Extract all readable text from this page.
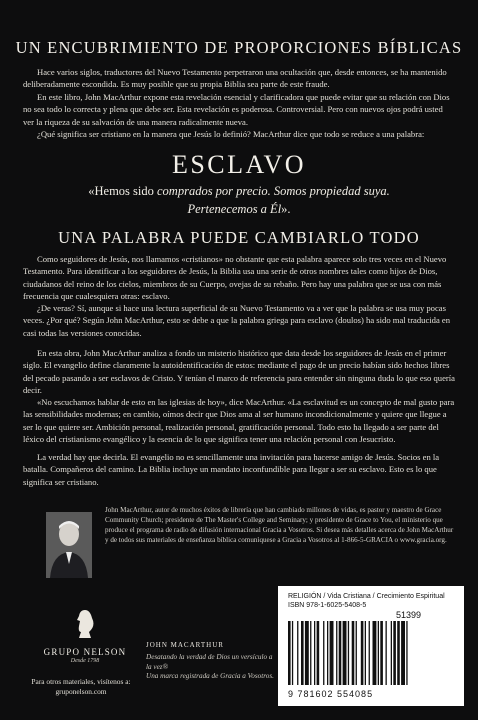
UN ENCUBRIMIENTO DE PROPORCIONES BÍBLICAS

Hace varios siglos, traductores del Nuevo Testamento perpetraron una ocultación que, desde entonces, se ha mantenido deliberadamente escondida. Es muy posible que su propia Biblia sea parte de este fraude.

En este libro, John MacArthur expone esta revelación esencial y clarificadora que puede evitar que su relación con Dios no sea todo lo correcta y plena que debe ser. Esta revelación es poderosa. Controversial. Pero con nuevos ojos podrá usted ver la riqueza de su salvación de una manera radicalmente nueva.

¿Qué significa ser cristiano en la manera que Jesús lo definió? MacArthur dice que todo se reduce a una palabra:

ESCLAVO
«Hemos sido comprados por precio. Somos propiedad suya.
Pertenecemos a Él».
UNA PALABRA PUEDE CAMBIARLO TODO

Como seguidores de Jesús, nos llamamos «cristianos» no obstante que esta palabra aparece solo tres veces en el Nuevo Testamento. Para identificar a los seguidores de Jesús, la Biblia usa una serie de otros nombres tales como hijos de Dios, ciudadanos del reino de los cielos, miembros de su Cuerpo, ovejas de su rebaño. Pero hay una palabra que se usa con más frecuencia que cualesquiera otras: esclavo.

¿De veras? Sí, aunque si hace una lectura superficial de su Nuevo Testamento va a ver que la palabra se usa muy pocas veces. ¿Por qué? Según John MacArthur, esto se debe a que la palabra griega para esclavo (doulos) ha sido mal traducida en casi todas las versiones conocidas.

En esta obra, John MacArthur analiza a fondo un misterio histórico que data desde los seguidores de Jesús en el primer siglo. El evangelio define claramente la autoidentificación de estos: mediante el pago de un precio habían sido hechos libres del pecado pasando a ser esclavos de Cristo. Y tenían el marco de referencia para entender sin ninguna duda lo que eso quería decir.

«No escuchamos hablar de esto en las iglesias de hoy», dice MacArthur. «La esclavitud es un concepto de mal gusto para las sensibilidades modernas; en cambio, oímos decir que Dios ama al ser humano incondicionalmente y quiere que llegue a ser lo que quiere ser. Ambición personal, realización personal, gratificación personal. Todo esto ha llegado a ser parte del léxico del cristianismo evangélico y la esencia de lo que significa tener una relación personal con Jesucristo.

La verdad hay que decirla. El evangelio no es sencillamente una invitación para hacerse amigo de Jesús. Socios en la batalla. Compañeros del camino. La Biblia incluye un mandato inconfundible para llegar a ser su esclavo. Esto es lo que significa ser cristiano.

John MacArthur, autor de muchos éxitos de librería que han cambiado millones de vidas, es pastor y maestro de Grace Community Church; presidente de The Master's College and Seminary; y presidente de Grace to You, el ministerio que produce el programa de radio de difusión internacional Gracia a Vosotros. Si desea más detalles acerca de John MacArthur y de todos sus materiales de enseñanza bíblica comunìquese a Gracia a Vosotros al 1-866-5-GRACIA o www.gracia.org.

GRUPO NELSON
Desde 1798
Para otros materiales, visítenos a:
gruponelson.com
JOHN MACARTHUR
Desatando la verdad de Dios un versículo a la vez®
Una marca registrada de Gracia a Vosotros.
RELIGIÓN / Vida Cristiana / Crecimiento Espiritual
ISBN 978-1-6025-5408-5
51399
9 781602 554085
